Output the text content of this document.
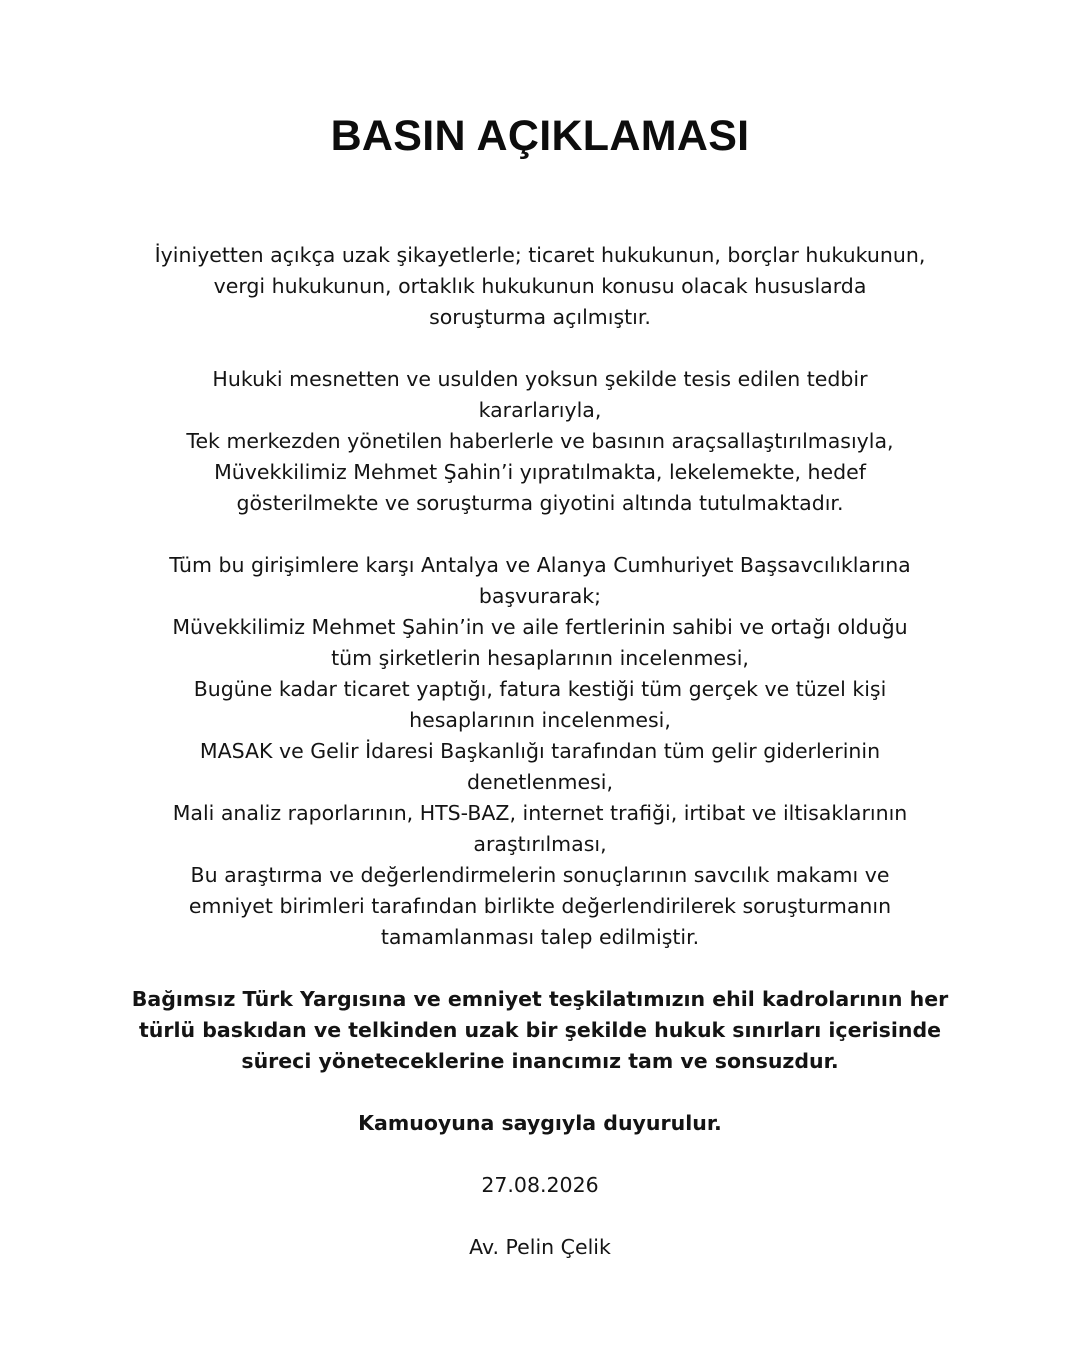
BASIN AÇIKLAMASI
İyiniyetten açıkça uzak şikayetlerle; ticaret hukukunun, borçlar hukukunun,
vergi hukukunun, ortaklık hukukunun konusu olacak hususlarda
soruşturma açılmıştır.
Hukuki mesnetten ve usulden yoksun şekilde tesis edilen tedbir
kararlarıyla,
Tek merkezden yönetilen haberlerle ve basının araçsallaştırılmasıyla,
Müvekkilimiz Mehmet Şahin’i yıpratılmakta, lekelemekte, hedef
gösterilmekte ve soruşturma giyotini altında tutulmaktadır.
Tüm bu girişimlere karşı Antalya ve Alanya Cumhuriyet Başsavcılıklarına
başvurarak;
Müvekkilimiz Mehmet Şahin’in ve aile fertlerinin sahibi ve ortağı olduğu
tüm şirketlerin hesaplarının incelenmesi,
Bugüne kadar ticaret yaptığı, fatura kestiği tüm gerçek ve tüzel kişi
hesaplarının incelenmesi,
MASAK ve Gelir İdaresi Başkanlığı tarafından tüm gelir giderlerinin
denetlenmesi,
Mali analiz raporlarının, HTS-BAZ, internet trafiği, irtibat ve iltisaklarının
araştırılması,
Bu araştırma ve değerlendirmelerin sonuçlarının savcılık makamı ve
emniyet birimleri tarafından birlikte değerlendirilerek soruşturmanın
tamamlanması talep edilmiştir.
Bağımsız Türk Yargısına ve emniyet teşkilatımızın ehil kadrolarının her
türlü baskıdan ve telkinden uzak bir şekilde hukuk sınırları içerisinde
süreci yöneteceklerine inancımız tam ve sonsuzdur.
Kamuoyuna saygıyla duyurulur.
27.08.2026
Av. Pelin Çelik
